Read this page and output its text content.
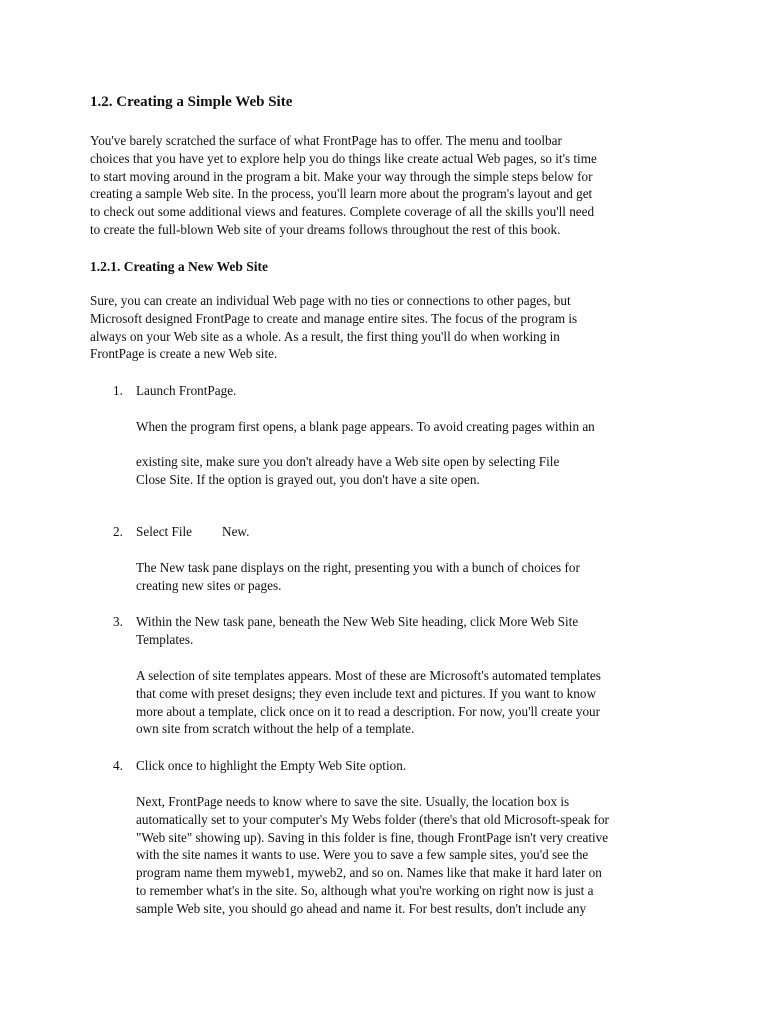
1.2. Creating a Simple Web Site

You've barely scratched the surface of what FrontPage has to offer. The menu and toolbar
choices that you have yet to explore help you do things like create actual Web pages, so it's time
to start moving around in the program a bit. Make your way through the simple steps below for
creating a sample Web site. In the process, you'll learn more about the program's layout and get
to check out some additional views and features. Complete coverage of all the skills you'll need
to create the full-blown Web site of your dreams follows throughout the rest of this book.

1.2.1. Creating a New Web Site

Sure, you can create an individual Web page with no ties or connections to other pages, but
Microsoft designed FrontPage to create and manage entire sites. The focus of the program is
always on your Web site as a whole. As a result, the first thing you'll do when working in
FrontPage is create a new Web site.

1. Launch FrontPage.

When the program first opens, a blank page appears. To avoid creating pages within an

existing site, make sure you don't already have a Web site open by selecting File
Close Site. If the option is grayed out, you don't have a site open.

2. Select File New.

The New task pane displays on the right, presenting you with a bunch of choices for
creating new sites or pages.

3. Within the New task pane, beneath the New Web Site heading, click More Web Site
Templates.

A selection of site templates appears. Most of these are Microsoft's automated templates
that come with preset designs; they even include text and pictures. If you want to know
more about a template, click once on it to read a description. For now, you'll create your
own site from scratch without the help of a template.

4. Click once to highlight the Empty Web Site option.

Next, FrontPage needs to know where to save the site. Usually, the location box is
automatically set to your computer's My Webs folder (there's that old Microsoft-speak for
"Web site" showing up). Saving in this folder is fine, though FrontPage isn't very creative
with the site names it wants to use. Were you to save a few sample sites, you'd see the
program name them myweb1, myweb2, and so on. Names like that make it hard later on
to remember what's in the site. So, although what you're working on right now is just a
sample Web site, you should go ahead and name it. For best results, don't include any
